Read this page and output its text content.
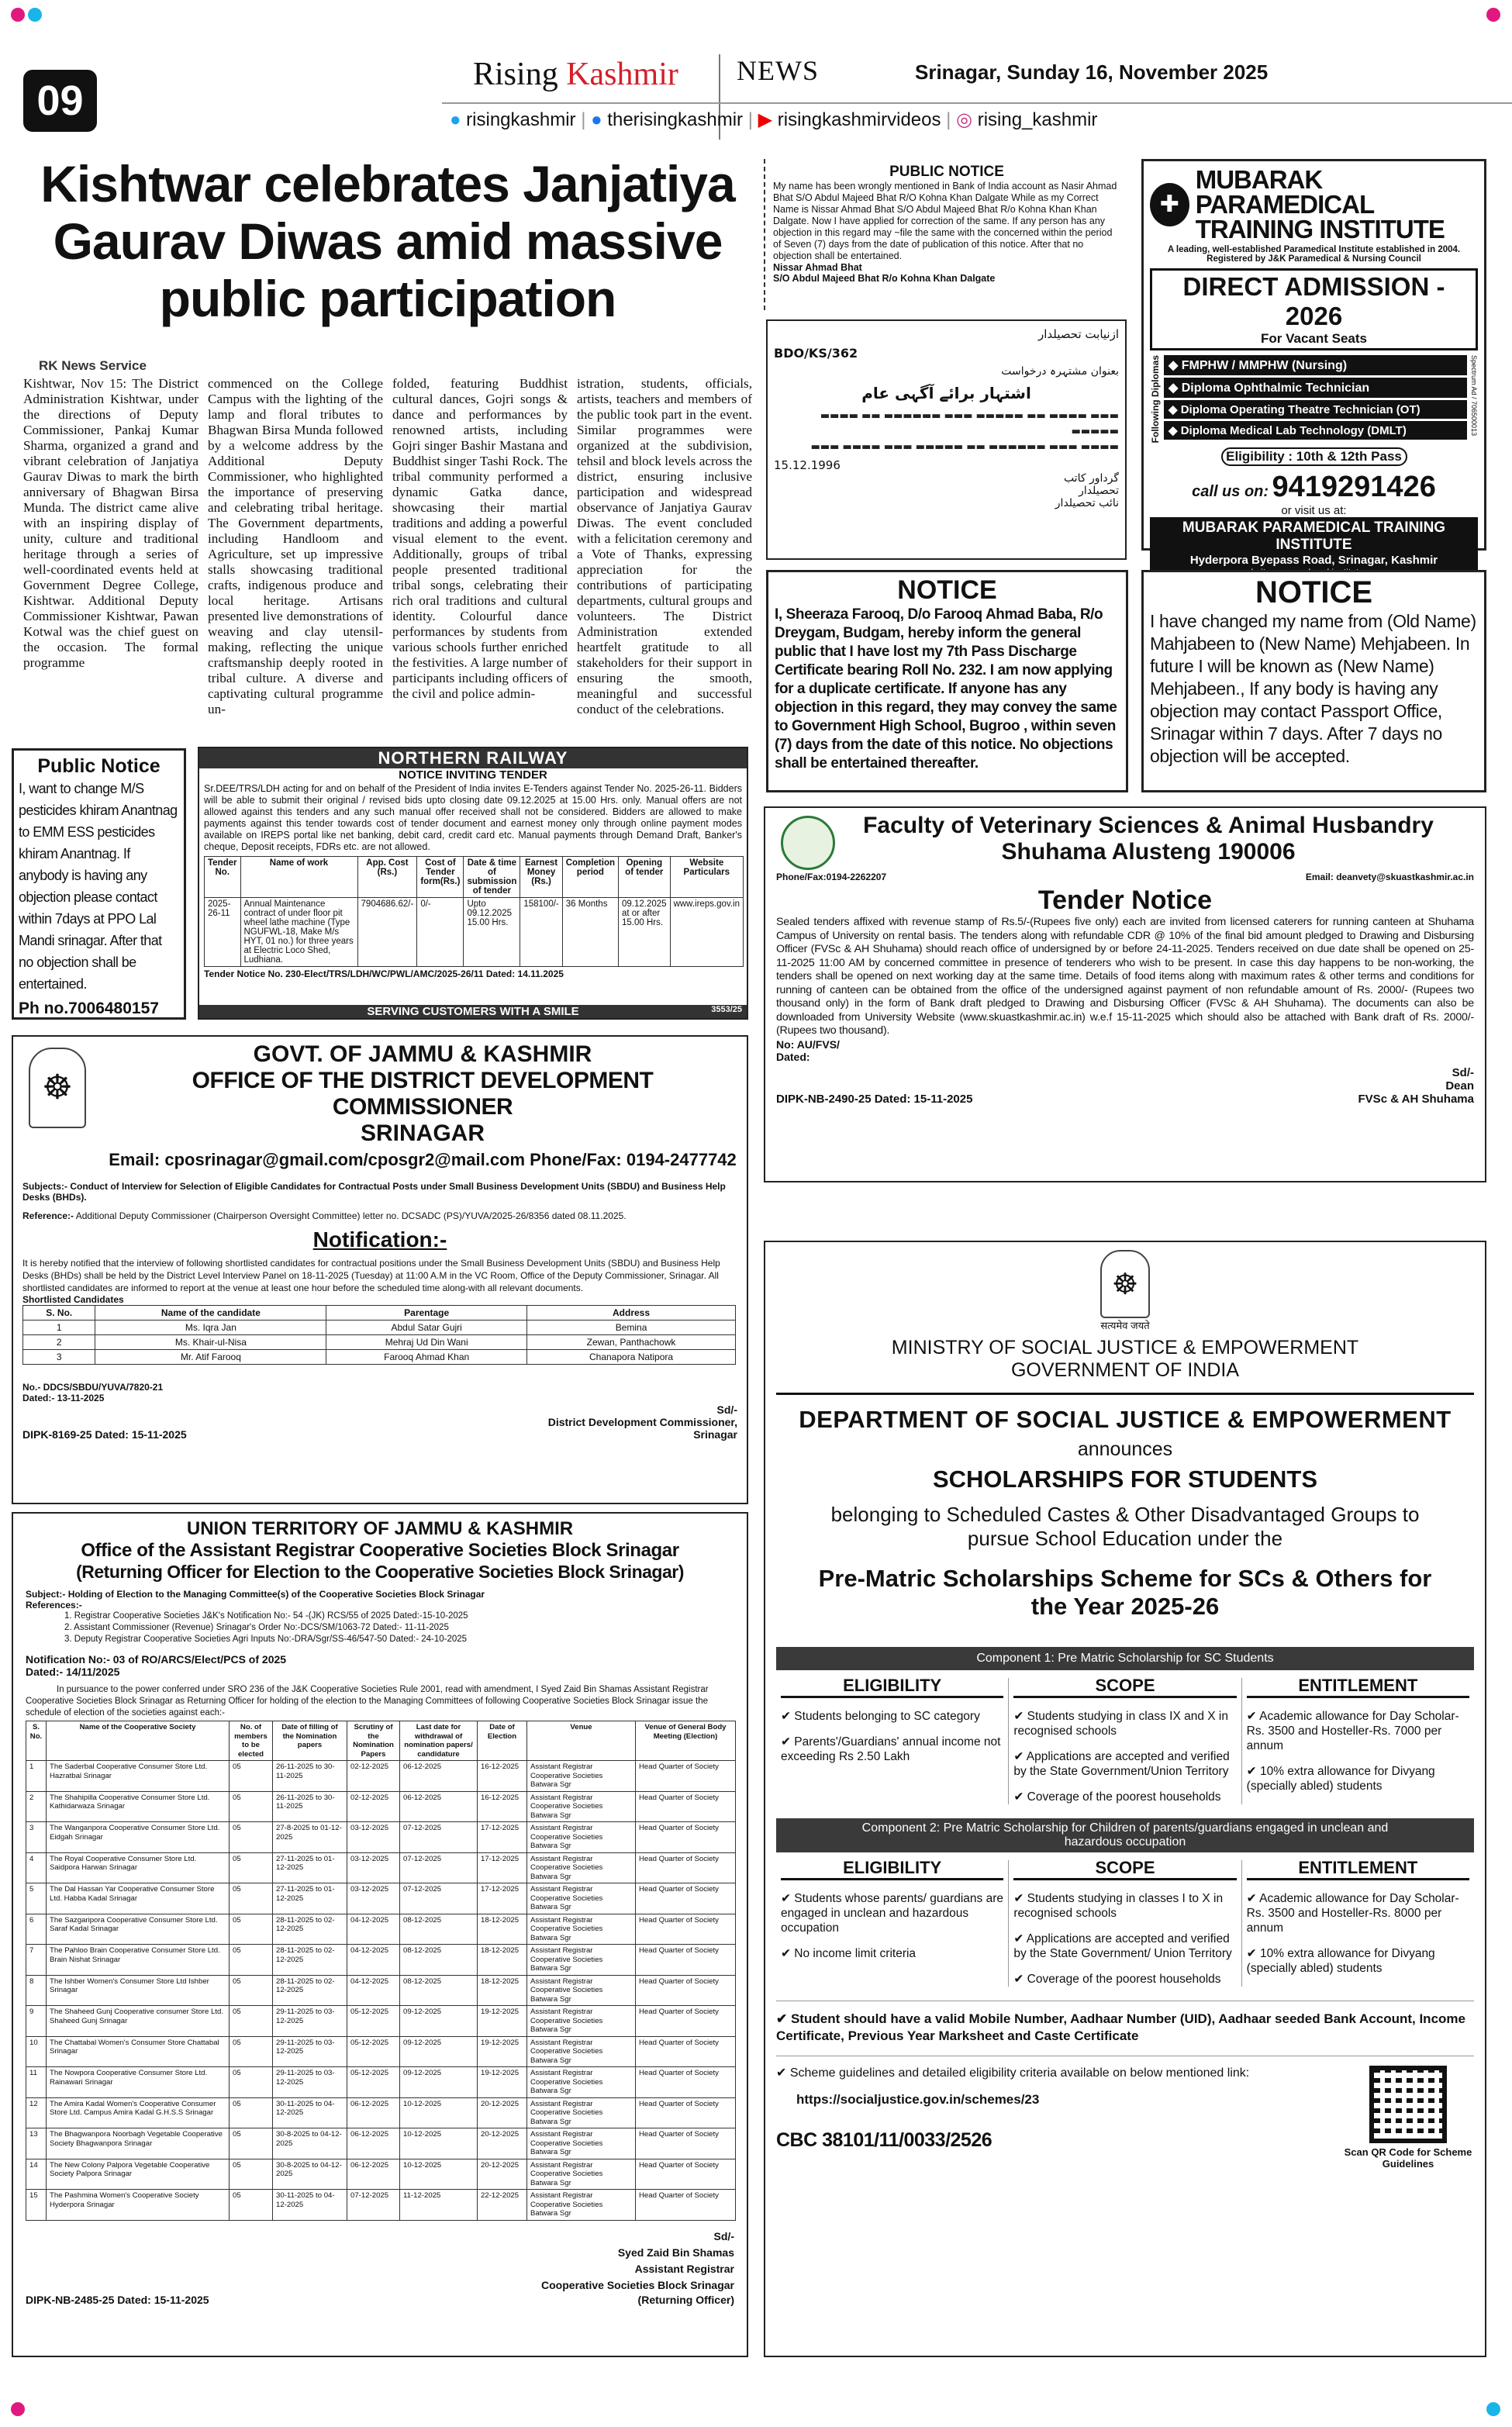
09
Rising Kashmir NEWS	Srinagar, Sunday 16, November 2025
● risingkashmir | ● therisingkashmir | ▶ risingkashmirvideos | ◎ rising_kashmir
Kishtwar celebrates Janjatiya Gaurav Diwas amid massive public participation
RK News Service

Kishtwar, Nov 15: The District Administration Kishtwar, under the directions of Deputy Commissioner, Pankaj Kumar Sharma, organized a grand and vibrant celebration of Janjatiya Gaurav Diwas to mark the birth anniversary of Bhagwan Birsa Munda. The district came alive with an inspiring display of unity, culture and traditional heritage through a series of well-coordinated events held at Government Degree College, Kishtwar. Additional Deputy Commissioner Kishtwar, Pawan Kotwal was the chief guest on the occasion. The formal programme

commenced on the College Campus with the lighting of the lamp and floral tributes to Bhagwan Birsa Munda followed by a welcome address by the Additional Deputy Commissioner, who highlighted the importance of preserving and celebrating tribal heritage. The Government departments, including Handloom and Agriculture, set up impressive stalls showcasing traditional crafts, indigenous produce and local heritage. Artisans presented live demonstrations of weaving and clay utensil-making, reflecting the unique craftsmanship deeply rooted in tribal culture. A diverse and captivating cultural programme un-

folded, featuring Buddhist cultural dances, Gojri songs & dance and performances by renowned artists, including Gojri singer Bashir Mastana and Buddhist singer Tashi Rock. The tribal community performed a dynamic Gatka dance, showcasing their martial traditions and adding a powerful visual element to the event. Additionally, groups of tribal people presented traditional tribal songs, celebrating their rich oral traditions and cultural identity. Colourful dance performances by students from various schools further enriched the festivities. A large number of participants including officers of the civil and police admin-

istration, students, officials, artists, teachers and members of the public took part in the event. Similar programmes were organized at the subdivision, tehsil and block levels across the district, ensuring inclusive participation and widespread observance of Janjatiya Gaurav Diwas. The event concluded with a felicitation ceremony and a Vote of Thanks, expressing appreciation for the contributions of participating departments, cultural groups and volunteers. The District Administration extended heartfelt gratitude to all stakeholders for their support in ensuring the smooth, meaningful and successful conduct of the celebrations.

PUBLIC NOTICE

My name has been wrongly mentioned in Bank of India account as Nasir Ahmad Bhat S/O Abdul Majeed Bhat R/O Kohna Khan Dalgate While as my Correct Name is Nissar Ahmad Bhat S/O Abdul Majeed Bhat R/o Kohna Khan Khan Dalgate. Now I have applied for correction of the same. If any person has any objection in this regard may ~file the same with the concerned within the period of Seven (7) days from the date of publication of this notice. After that no objection shall be entertained.

Nissar Ahmad Bhat

S/O Abdul Majeed Bhat R/o Kohna Khan Dalgate

ازنیابت تحصیلدار
BDO/KS/362
بعنوان مشتہرہ درخواست
اشتہار برائے آگہی عام
▬▬▬ ▬▬▬▬ ▬▬ ▬▬▬▬▬ ▬▬▬ ▬▬▬▬▬▬ ▬▬ ▬▬▬▬ ▬▬▬▬▬
▬▬▬▬ ▬▬▬ ▬▬▬▬▬▬ ▬▬ ▬▬▬▬▬ ▬▬▬ ▬▬▬▬ ▬▬▬
15.12.1996
گرداور کاتب
تحصیلدار
نائب تحصیلدار
✚
MUBARAK PARAMEDICAL
TRAINING INSTITUTE

A leading, well-established Paramedical Institute established in 2004. Registered by J&K Paramedical & Nursing Council

DIRECT ADMISSION - 2026
For Vacant Seats
Following Diplomas ◆ FMPHW / MMPHW (Nursing)
◆ Diploma Ophthalmic Technician
◆ Diploma Operating Theatre Technician (OT)
◆ Diploma Medical Lab Technology (DMLT)	Spectrum Ad / 706500013
Eligibility : 10th & 12th Pass
call us on: 9419291426
or visit us at:
MUBARAK PARAMEDICAL TRAINING INSTITUTE
Hyderpora Byepass Road, Srinagar, Kashmir
NOTICE

I, Sheeraza Farooq, D/o Farooq Ahmad Baba, R/o Dreygam, Budgam, hereby inform the general public that I have lost my 7th Pass Discharge Certificate bearing Roll No. 232. I am now applying for a duplicate certificate. If anyone has any objection in this regard, they may convey the same to Government High School, Bugroo , within seven (7) days from the date of this notice. No objections shall be entertained thereafter.

NOTICE

I have changed my name from (Old Name) Mahjabeen to (New Name) Mehjabeen. In future I will be known as (New Name) Mehjabeen., If any body is having any objection may contact Passport Office, Srinagar within 7 days. After 7 days no objection will be accepted.

Public Notice

I, want to change M/S pesticides khiram Anantnag to EMM ESS pesticides khiram Anantnag. If anybody is having any objection please contact within 7days at PPO Lal Mandi srinagar. After that no objection shall be entertained.

Ph no.7006480157
NORTHERN RAILWAY
NOTICE INVITING TENDER

Sr.DEE/TRS/LDH acting for and on behalf of the President of India invites E-Tenders against Tender No. 2025-26-11. Bidders will be able to submit their original / revised bids upto closing date 09.12.2025 at 15.00 Hrs. only. Manual offers are not allowed against this tenders and any such manual offer received shall not be considered. Bidders are allowed to make payments against this tender towards cost of tender document and earnest money only through online payment modes available on IREPS portal like net banking, debit card, credit card etc. Manual payments through Demand Draft, Banker's cheque, Deposit receipts, FDRs etc. are not allowed.

Tender No.	Name of work	App. Cost (Rs.)	Cost of Tender form(Rs.)	Date & time of submission of tender	Earnest Money (Rs.)	Completion period	Opening of tender	Website Particulars
2025-26-11	Annual Maintenance contract of under floor pit wheel lathe machine (Type NGUFWL-18, Make M/s HYT, 01 no.) for three years at Electric Loco Shed, Ludhiana.	7904686.62/-	0/-	Upto 09.12.2025 15.00 Hrs.	158100/-	36 Months	09.12.2025 at or after 15.00 Hrs.	www.ireps.gov.in
Tender Notice No. 230-Elect/TRS/LDH/WC/PWL/AMC/2025-26/11 Dated: 14.11.2025
SERVING CUSTOMERS WITH A SMILE	3553/25
Faculty of Veterinary Sciences & Animal Husbandry
Shuhama Alusteng 190006
Phone/Fax:0194-2262207	Email: deanvety@skuastkashmir.ac.in
Tender Notice

Sealed tenders affixed with revenue stamp of Rs.5/-(Rupees five only) each are invited from licensed caterers for running canteen at Shuhama Campus of University on rental basis. The tenders along with refundable CDR @ 10% of the final bid amount pledged to Drawing and Disbursing Officer (FVSc & AH Shuhama) should reach office of undersigned by or before 24-11-2025. Tenders received on due date shall be opened on 25-11-2025 11:00 AM by concerned committee in presence of tenderers who wish to be present. In case this day happens to be non-working, the tenders shall be opened on next working day at the same time. Details of food items along with maximum rates & other terms and conditions for running of canteen can be obtained from the office of the undersigned against payment of non refundable amount of Rs. 2000/- (Rupees two thousand only) in the form of Bank draft pledged to Drawing and Disbursing Officer (FVSc & AH Shuhama). The documents can also be downloaded from University Website (www.skuastkashmir.ac.in) w.e.f 15-11-2025 which should also be attached with Bank draft of Rs. 2000/- (Rupees two thousand).

No: AU/FVS/
Dated:
Sd/-
Dean
DIPK-NB-2490-25 Dated: 15-11-2025	FVSc & AH Shuhama
☸
GOVT. OF JAMMU & KASHMIR
OFFICE OF THE DISTRICT DEVELOPMENT COMMISSIONER
SRINAGAR
Email: cposrinagar@gmail.com/cposgr2@mail.com Phone/Fax: 0194-2477742
Subjects:- Conduct of Interview for Selection of Eligible Candidates for Contractual Posts under Small Business Development Units (SBDU) and Business Help Desks (BHDs).
Reference:- Additional Deputy Commissioner (Chairperson Oversight Committee) letter no. DCSADC (PS)/YUVA/2025-26/8356 dated 08.11.2025.
Notification:-

It is hereby notified that the interview of following shortlisted candidates for contractual positions under the Small Business Development Units (SBDU) and Business Help Desks (BHDs) shall be held by the District Level Interview Panel on 18-11-2025 (Tuesday) at 11:00 A.M in the VC Room, Office of the Deputy Commissioner, Srinagar. All shortlisted candidates are informed to report at the venue at least one hour before the scheduled time along-with all relevant documents.

Shortlisted Candidates
S. No.	Name of the candidate	Parentage	Address
1	Ms. Iqra Jan	Abdul Satar Gujri	Bemina
2	Ms. Khair-ul-Nisa	Mehraj Ud Din Wani	Zewan, Panthachowk
3	Mr. Atif Farooq	Farooq Ahmad Khan	Chanapora Natipora
No.- DDCS/SBDU/YUVA/7820-21
Dated:- 13-11-2025
Sd/-
District Development Commissioner,
DIPK-8169-25 Dated: 15-11-2025	Srinagar
UNION TERRITORY OF JAMMU & KASHMIR
Office of the Assistant Registrar Cooperative Societies Block Srinagar
(Returning Officer for Election to the Cooperative Societies Block Srinagar)
Subject:- Holding of Election to the Managing Committee(s) of the Cooperative Societies Block Srinagar
References:-
1. Registrar Cooperative Societies J&K's Notification No:- 54 -(JK) RCS/55 of 2025 Dated:-15-10-2025
2. Assistant Commissioner (Revenue) Srinagar's Order No:-DCS/SM/1063-72 Dated:- 11-11-2025
3. Deputy Registrar Cooperative Societies Agri Inputs No:-DRA/Sgr/SS-46/547-50 Dated:- 24-10-2025
Notification No:- 03 of RO/ARCS/Elect/PCS of 2025
Dated:- 14/11/2025

In pursuance to the power conferred under SRO 236 of the J&K Cooperative Societies Rule 2001, read with amendment, I Syed Zaid Bin Shamas Assistant Registrar Cooperative Societies Block Srinagar as Returning Officer for holding of the election to the Managing Committees of following Cooperative Societies Block Srinagar issue the schedule of election of the societies against each:-

S. No.	Name of the Cooperative Society	No. of members to be elected	Date of filling of the Nomination papers	Scrutiny of the Nomination Papers	Last date for withdrawal of nomination papers/ candidature	Date of Election	Venue	Venue of General Body Meeting (Election)
1	The Saderbal Cooperative Consumer Store Ltd. Hazratbal Srinagar	05	26-11-2025 to 30-11-2025	02-12-2025	06-12-2025	16-12-2025	Assistant Registrar Cooperative Societies Batwara Sgr	Head Quarter of Society
2	The Shahipilla Cooperative Consumer Store Ltd. Kathidarwaza Srinagar	05	26-11-2025 to 30-11-2025	02-12-2025	06-12-2025	16-12-2025	Assistant Registrar Cooperative Societies Batwara Sgr	Head Quarter of Society
3	The Wanganpora Cooperative Consumer Store Ltd. Eidgah Srinagar	05	27-8-2025 to 01-12-2025	03-12-2025	07-12-2025	17-12-2025	Assistant Registrar Cooperative Societies Batwara Sgr	Head Quarter of Society
4	The Royal Cooperative Consumer Store Ltd. Saidpora Harwan Srinagar	05	27-11-2025 to 01-12-2025	03-12-2025	07-12-2025	17-12-2025	Assistant Registrar Cooperative Societies Batwara Sgr	Head Quarter of Society
5	The Dal Hassan Yar Cooperative Consumer Store Ltd. Habba Kadal Srinagar	05	27-11-2025 to 01-12-2025	03-12-2025	07-12-2025	17-12-2025	Assistant Registrar Cooperative Societies Batwara Sgr	Head Quarter of Society
6	The Sazgaripora Cooperative Consumer Store Ltd. Saraf Kadal Srinagar	05	28-11-2025 to 02-12-2025	04-12-2025	08-12-2025	18-12-2025	Assistant Registrar Cooperative Societies Batwara Sgr	Head Quarter of Society
7	The Pahloo Brain Cooperative Consumer Store Ltd. Brain Nishat Srinagar	05	28-11-2025 to 02-12-2025	04-12-2025	08-12-2025	18-12-2025	Assistant Registrar Cooperative Societies Batwara Sgr	Head Quarter of Society
8	The Ishber Women's Consumer Store Ltd Ishber Srinagar	05	28-11-2025 to 02-12-2025	04-12-2025	08-12-2025	18-12-2025	Assistant Registrar Cooperative Societies Batwara Sgr	Head Quarter of Society
9	The Shaheed Gunj Cooperative consumer Store Ltd. Shaheed Gunj Srinagar	05	29-11-2025 to 03-12-2025	05-12-2025	09-12-2025	19-12-2025	Assistant Registrar Cooperative Societies Batwara Sgr	Head Quarter of Society
10	The Chattabal Women's Consumer Store Chattabal Srinagar	05	29-11-2025 to 03-12-2025	05-12-2025	09-12-2025	19-12-2025	Assistant Registrar Cooperative Societies Batwara Sgr	Head Quarter of Society
11	The Nowpora Cooperative Consumer Store Ltd. Rainawari Srinagar	05	29-11-2025 to 03-12-2025	05-12-2025	09-12-2025	19-12-2025	Assistant Registrar Cooperative Societies Batwara Sgr	Head Quarter of Society
12	The Amira Kadal Women's Cooperative Consumer Store Ltd. Campus Amira Kadal G.H.S.S Srinagar	05	30-11-2025 to 04-12-2025	06-12-2025	10-12-2025	20-12-2025	Assistant Registrar Cooperative Societies Batwara Sgr	Head Quarter of Society
13	The Bhagwanpora Noorbagh Vegetable Cooperative Society Bhagwanpora Srinagar	05	30-8-2025 to 04-12-2025	06-12-2025	10-12-2025	20-12-2025	Assistant Registrar Cooperative Societies Batwara Sgr	Head Quarter of Society
14	The New Colony Palpora Vegetable Cooperative Society Palpora Srinagar	05	30-8-2025 to 04-12-2025	06-12-2025	10-12-2025	20-12-2025	Assistant Registrar Cooperative Societies Batwara Sgr	Head Quarter of Society
15	The Pashmina Women's Cooperative Society Hyderpora Srinagar	05	30-11-2025 to 04-12-2025	07-12-2025	11-12-2025	22-12-2025	Assistant Registrar Cooperative Societies Batwara Sgr	Head Quarter of Society
Sd/-
Syed Zaid Bin Shamas
Assistant Registrar
Cooperative Societies Block Srinagar
DIPK-NB-2485-25 Dated: 15-11-2025	(Returning Officer)
☸
सत्यमेव जयते
MINISTRY OF SOCIAL JUSTICE & EMPOWERMENT
GOVERNMENT OF INDIA
DEPARTMENT OF SOCIAL JUSTICE & EMPOWERMENT
announces
SCHOLARSHIPS FOR STUDENTS
belonging to Scheduled Castes & Other Disadvantaged Groups to pursue School Education under the
Pre-Matric Scholarships Scheme for SCs & Others for the Year 2025-26
Component 1: Pre Matric Scholarship for SC Students
ELIGIBILITY
✔ Students belonging to SC category
✔ Parents'/Guardians' annual income not exceeding Rs 2.50 Lakh
SCOPE
✔ Students studying in class IX and X in recognised schools
✔ Applications are accepted and verified by the State Government/Union Territory
✔ Coverage of the poorest households
ENTITLEMENT
✔ Academic allowance for Day Scholar-Rs. 3500 and Hosteller-Rs. 7000 per annum
✔ 10% extra allowance for Divyang (specially abled) students
Component 2: Pre Matric Scholarship for Children of parents/guardians engaged in unclean and hazardous occupation
ELIGIBILITY
✔ Students whose parents/ guardians are engaged in unclean and hazardous occupation
✔ No income limit criteria
SCOPE
✔ Students studying in classes I to X in recognised schools
✔ Applications are accepted and verified by the State Government/ Union Territory
✔ Coverage of the poorest households
ENTITLEMENT
✔ Academic allowance for Day Scholar-Rs. 3500 and Hosteller-Rs. 8000 per annum
✔ 10% extra allowance for Divyang (specially abled) students
✔ Student should have a valid Mobile Number, Aadhaar Number (UID), Aadhaar seeded Bank Account, Income Certificate, Previous Year Marksheet and Caste Certificate
✔ Scheme guidelines and detailed eligibility criteria available on below mentioned link:
https://socialjustice.gov.in/schemes/23
CBC 38101/11/0033/2526
Scan QR Code for Scheme Guidelines
